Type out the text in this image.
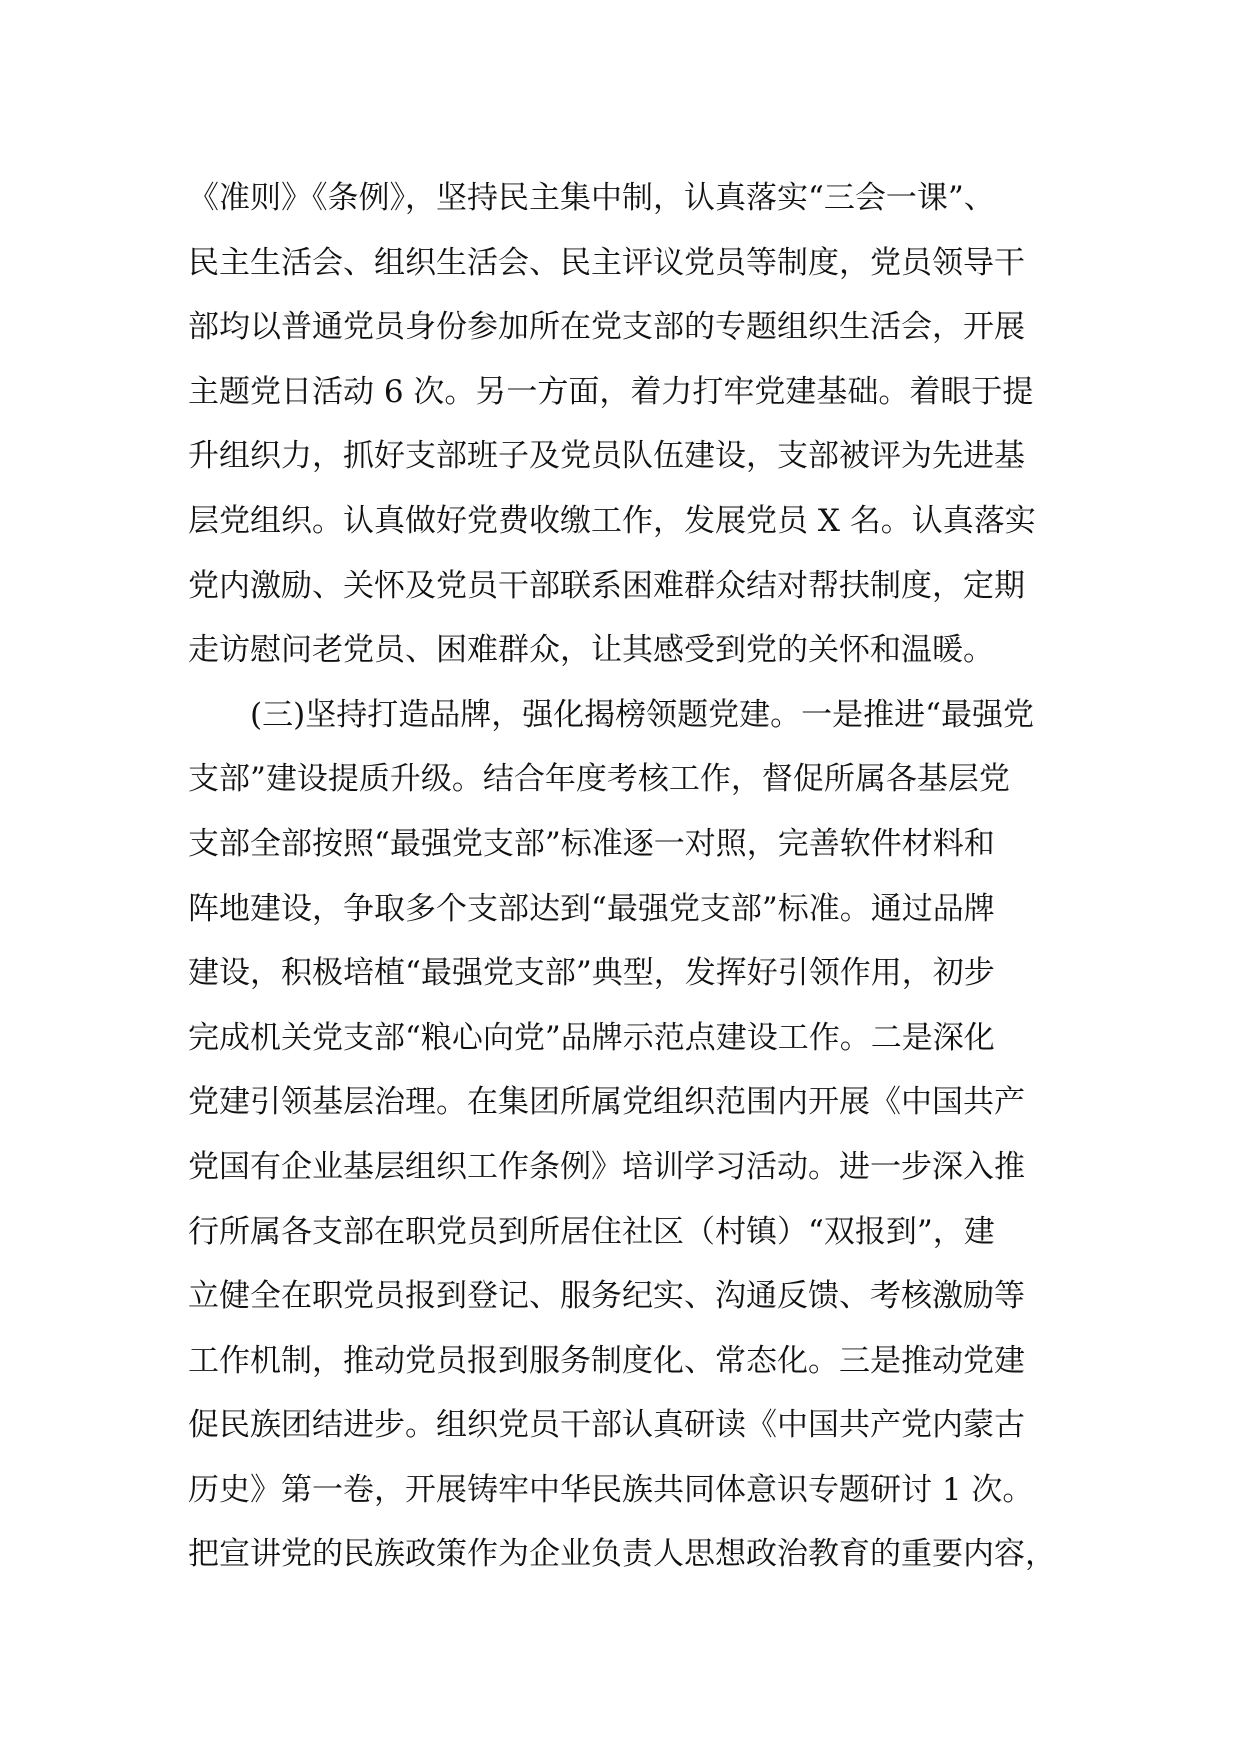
《准则》《条例》，坚持民主集中制，认真落实“三会一课”、
民主生活会、组织生活会、民主评议党员等制度，党员领导干
部均以普通党员身份参加所在党支部的专题组织生活会，开展
主题党日活动 6 次。另一方面，着力打牢党建基础。着眼于提
升组织力，抓好支部班子及党员队伍建设，支部被评为先进基
层党组织。认真做好党费收缴工作，发展党员 X 名。认真落实
党内激励、关怀及党员干部联系困难群众结对帮扶制度，定期
走访慰问老党员、困难群众，让其感受到党的关怀和温暖。
(三)坚持打造品牌，强化揭榜领题党建。一是推进“最强党
支部”建设提质升级。结合年度考核工作，督促所属各基层党
支部全部按照“最强党支部”标准逐一对照，完善软件材料和
阵地建设，争取多个支部达到“最强党支部”标准。通过品牌
建设，积极培植“最强党支部”典型，发挥好引领作用，初步
完成机关党支部“粮心向党”品牌示范点建设工作。二是深化
党建引领基层治理。在集团所属党组织范围内开展《中国共产
党国有企业基层组织工作条例》培训学习活动。进一步深入推
行所属各支部在职党员到所居住社区（村镇）“双报到”，建
立健全在职党员报到登记、服务纪实、沟通反馈、考核激励等
工作机制，推动党员报到服务制度化、常态化。三是推动党建
促民族团结进步。组织党员干部认真研读《中国共产党内蒙古
历史》第一卷，开展铸牢中华民族共同体意识专题研讨 1 次。
把宣讲党的民族政策作为企业负责人思想政治教育的重要内容，
